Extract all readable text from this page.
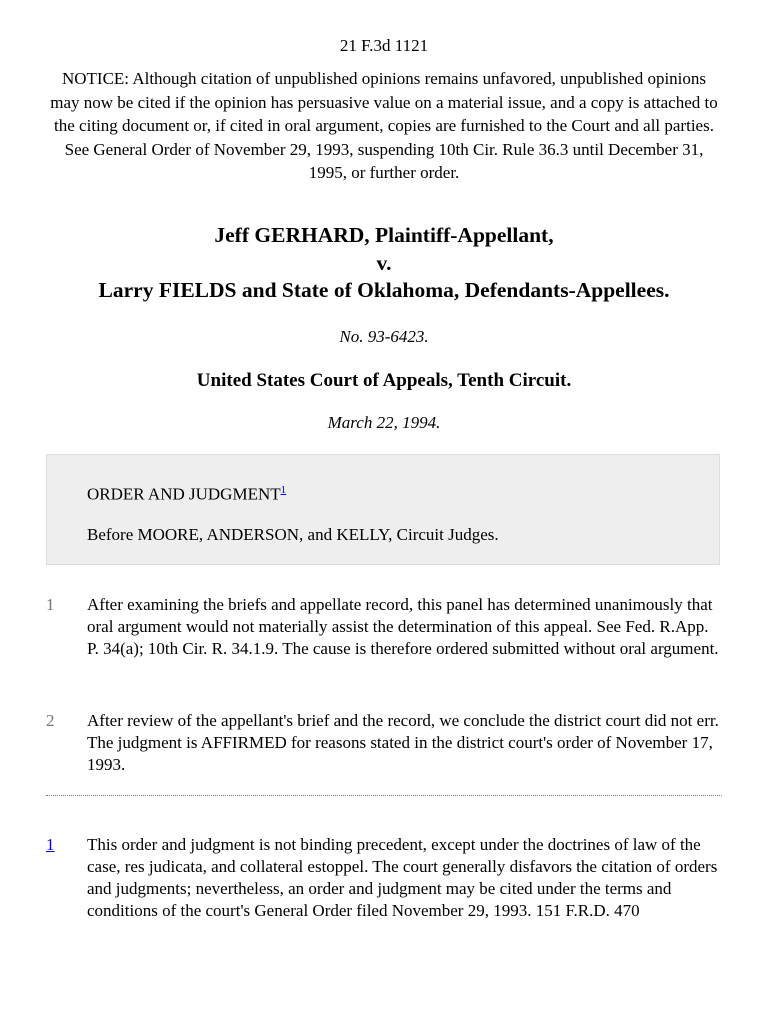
21 F.3d 1121
NOTICE: Although citation of unpublished opinions remains unfavored, unpublished opinions may now be cited if the opinion has persuasive value on a material issue, and a copy is attached to the citing document or, if cited in oral argument, copies are furnished to the Court and all parties. See General Order of November 29, 1993, suspending 10th Cir. Rule 36.3 until December 31, 1995, or further order.
Jeff GERHARD, Plaintiff-Appellant,
v.
Larry FIELDS and State of Oklahoma, Defendants-Appellees.
No. 93-6423.
United States Court of Appeals, Tenth Circuit.
March 22, 1994.
ORDER AND JUDGMENT$^1$
Before MOORE, ANDERSON, and KELLY, Circuit Judges.
1 After examining the briefs and appellate record, this panel has determined unanimously that oral argument would not materially assist the determination of this appeal. See Fed. R.App. P. 34(a); 10th Cir. R. 34.1.9. The cause is therefore ordered submitted without oral argument.
2 After review of the appellant's brief and the record, we conclude the district court did not err. The judgment is AFFIRMED for reasons stated in the district court's order of November 17, 1993.
1 This order and judgment is not binding precedent, except under the doctrines of law of the case, res judicata, and collateral estoppel. The court generally disfavors the citation of orders and judgments; nevertheless, an order and judgment may be cited under the terms and conditions of the court's General Order filed November 29, 1993. 151 F.R.D. 470
